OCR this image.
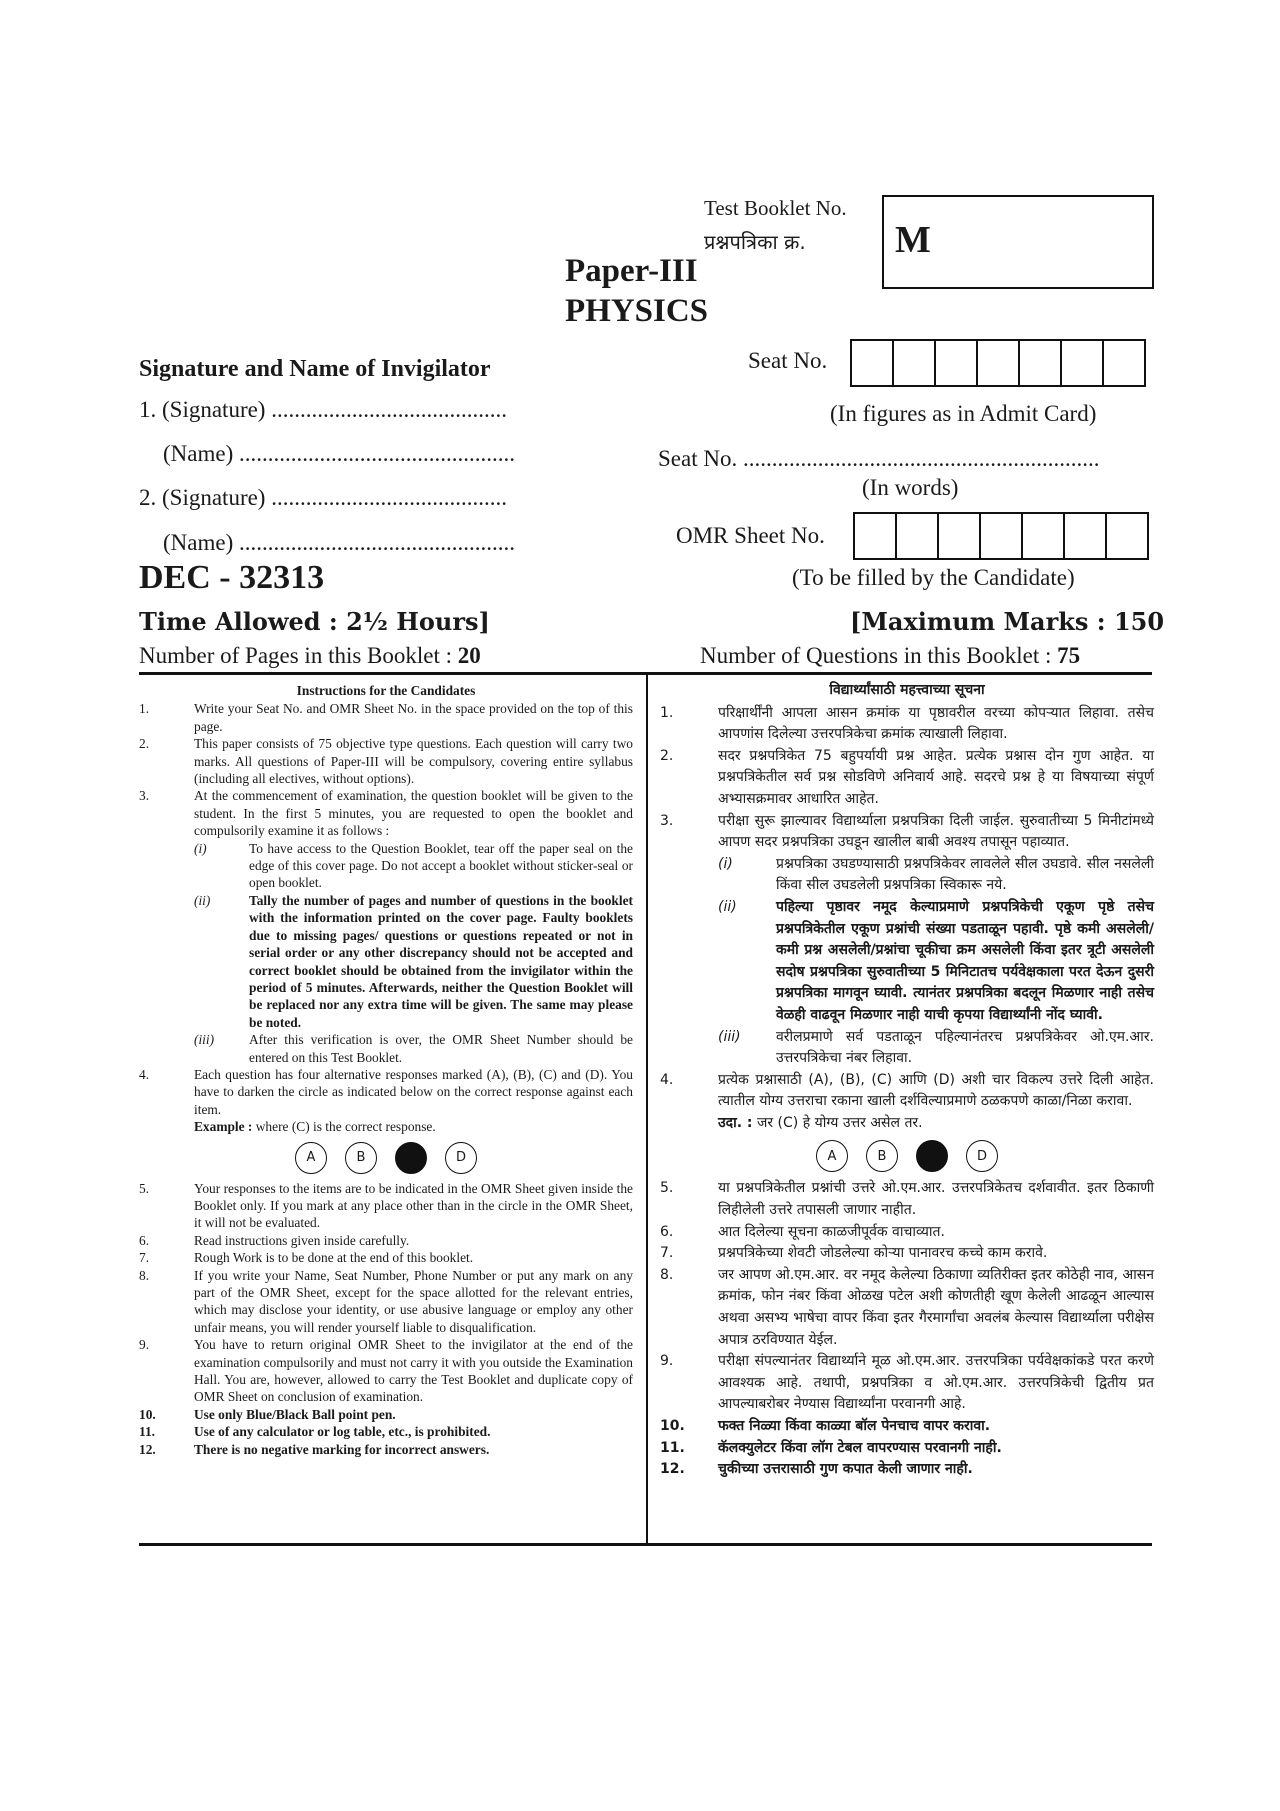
Test Booklet No.
प्रश्नपत्रिका क्र. M
Paper-III
PHYSICS
Signature and Name of Invigilator
1. (Signature) .........................................
(Name) ................................................
2. (Signature) .........................................
(Name) ................................................
Seat No.
(In figures as in Admit Card)
Seat No. ..............................................................
(In words)
OMR Sheet No.
(To be filled by the Candidate)
DEC - 32313
Time Allowed : 2½ Hours]	[Maximum Marks : 150
Number of Pages in this Booklet : 20	Number of Questions in this Booklet : 75
Instructions for the Candidates
1.	Write your Seat No. and OMR Sheet No. in the space provided on the top of this page.
2.	This paper consists of 75 objective type questions. Each question will carry two marks. All questions of Paper-III will be compulsory, covering entire syllabus (including all electives, without options).
3.	At the commencement of examination, the question booklet will be given to the student. In the first 5 minutes, you are requested to open the booklet and compulsorily examine it as follows :
(i)	To have access to the Question Booklet, tear off the paper seal on the edge of this cover page. Do not accept a booklet without sticker-seal or open booklet.
(ii)	Tally the number of pages and number of questions in the booklet with the information printed on the cover page. Faulty booklets due to missing pages/ questions or questions repeated or not in serial order or any other discrepancy should not be accepted and correct booklet should be obtained from the invigilator within the period of 5 minutes. Afterwards, neither the Question Booklet will be replaced nor any extra time will be given. The same may please be noted.
(iii)	After this verification is over, the OMR Sheet Number should be entered on this Test Booklet.
4.	Each question has four alternative responses marked (A), (B), (C) and (D). You have to darken the circle as indicated below on the correct response against each item.
Example : where (C) is the correct response.
A	B	C	D
5.	Your responses to the items are to be indicated in the OMR Sheet given inside the Booklet only. If you mark at any place other than in the circle in the OMR Sheet, it will not be evaluated.
6.	Read instructions given inside carefully.
7.	Rough Work is to be done at the end of this booklet.
8.	If you write your Name, Seat Number, Phone Number or put any mark on any part of the OMR Sheet, except for the space allotted for the relevant entries, which may disclose your identity, or use abusive language or employ any other unfair means, you will render yourself liable to disqualification.
9.	You have to return original OMR Sheet to the invigilator at the end of the examination compulsorily and must not carry it with you outside the Examination Hall. You are, however, allowed to carry the Test Booklet and duplicate copy of OMR Sheet on conclusion of examination.
10.	Use only Blue/Black Ball point pen.
11.	Use of any calculator or log table, etc., is prohibited.
12.	There is no negative marking for incorrect answers.
विद्यार्थ्यांसाठी महत्त्वाच्या सूचना
1.	परिक्षार्थींनी आपला आसन क्रमांक या पृष्ठावरील वरच्या कोपऱ्यात लिहावा. तसेच आपणांस दिलेल्या उत्तरपत्रिकेचा क्रमांक त्याखाली लिहावा.
2.	सदर प्रश्नपत्रिकेत 75 बहुपर्यायी प्रश्न आहेत. प्रत्येक प्रश्नास दोन गुण आहेत. या प्रश्नपत्रिकेतील सर्व प्रश्न सोडविणे अनिवार्य आहे. सदरचे प्रश्न हे या विषयाच्या संपूर्ण अभ्यासक्रमावर आधारित आहेत.
3.	परीक्षा सुरू झाल्यावर विद्यार्थ्याला प्रश्नपत्रिका दिली जाईल. सुरुवातीच्या 5 मिनीटांमध्ये आपण सदर प्रश्नपत्रिका उघडून खालील बाबी अवश्य तपासून पहाव्यात.
(i)	प्रश्नपत्रिका उघडण्यासाठी प्रश्नपत्रिकेवर लावलेले सील उघडावे. सील नसलेली किंवा सील उघडलेली प्रश्नपत्रिका स्विकारू नये.
(ii)	पहिल्या पृष्ठावर नमूद केल्याप्रमाणे प्रश्नपत्रिकेची एकूण पृष्ठे तसेच प्रश्नपत्रिकेतील एकूण प्रश्नांची संख्या पडताळून पहावी. पृष्ठे कमी असलेली/कमी प्रश्न असलेली/प्रश्नांचा चूकीचा क्रम असलेली किंवा इतर त्रूटी असलेली सदोष प्रश्नपत्रिका सुरुवातीच्या 5 मिनिटातच पर्यवेक्षकाला परत देऊन दुसरी प्रश्नपत्रिका मागवून घ्यावी. त्यानंतर प्रश्नपत्रिका बदलून मिळणार नाही तसेच वेळही वाढवून मिळणार नाही याची कृपया विद्यार्थ्यांनी नोंद घ्यावी.
(iii)	वरीलप्रमाणे सर्व पडताळून पहिल्यानंतरच प्रश्नपत्रिकेवर ओ.एम.आर. उत्तरपत्रिकेचा नंबर लिहावा.
4.	प्रत्येक प्रश्नासाठी (A), (B), (C) आणि (D) अशी चार विकल्प उत्तरे दिली आहेत. त्यातील योग्य उत्तराचा रकाना खाली दर्शविल्याप्रमाणे ठळकपणे काळा/निळा करावा.
उदा. : जर (C) हे योग्य उत्तर असेल तर.
A	B	C	D
5.	या प्रश्नपत्रिकेतील प्रश्नांची उत्तरे ओ.एम.आर. उत्तरपत्रिकेतच दर्शवावीत. इतर ठिकाणी लिहीलेली उत्तरे तपासली जाणार नाहीत.
6.	आत दिलेल्या सूचना काळजीपूर्वक वाचाव्यात.
7.	प्रश्नपत्रिकेच्या शेवटी जोडलेल्या कोऱ्या पानावरच कच्चे काम करावे.
8.	जर आपण ओ.एम.आर. वर नमूद केलेल्या ठिकाणा व्यतिरीक्त इतर कोठेही नाव, आसन क्रमांक, फोन नंबर किंवा ओळख पटेल अशी कोणतीही खूण केलेली आढळून आल्यास अथवा असभ्य भाषेचा वापर किंवा इतर गैरमार्गांचा अवलंब केल्यास विद्यार्थ्याला परीक्षेस अपात्र ठरविण्यात येईल.
9.	परीक्षा संपल्यानंतर विद्यार्थ्याने मूळ ओ.एम.आर. उत्तरपत्रिका पर्यवेक्षकांकडे परत करणे आवश्यक आहे. तथापी, प्रश्नपत्रिका व ओ.एम.आर. उत्तरपत्रिकेची द्वितीय प्रत आपल्याबरोबर नेण्यास विद्यार्थ्यांना परवानगी आहे.
10.	फक्त निळ्या किंवा काळ्या बॉल पेनचाच वापर करावा.
11.	कॅलक्युलेटर किंवा लॉग टेबल वापरण्यास परवानगी नाही.
12.	चुकीच्या उत्तरासाठी गुण कपात केली जाणार नाही.
